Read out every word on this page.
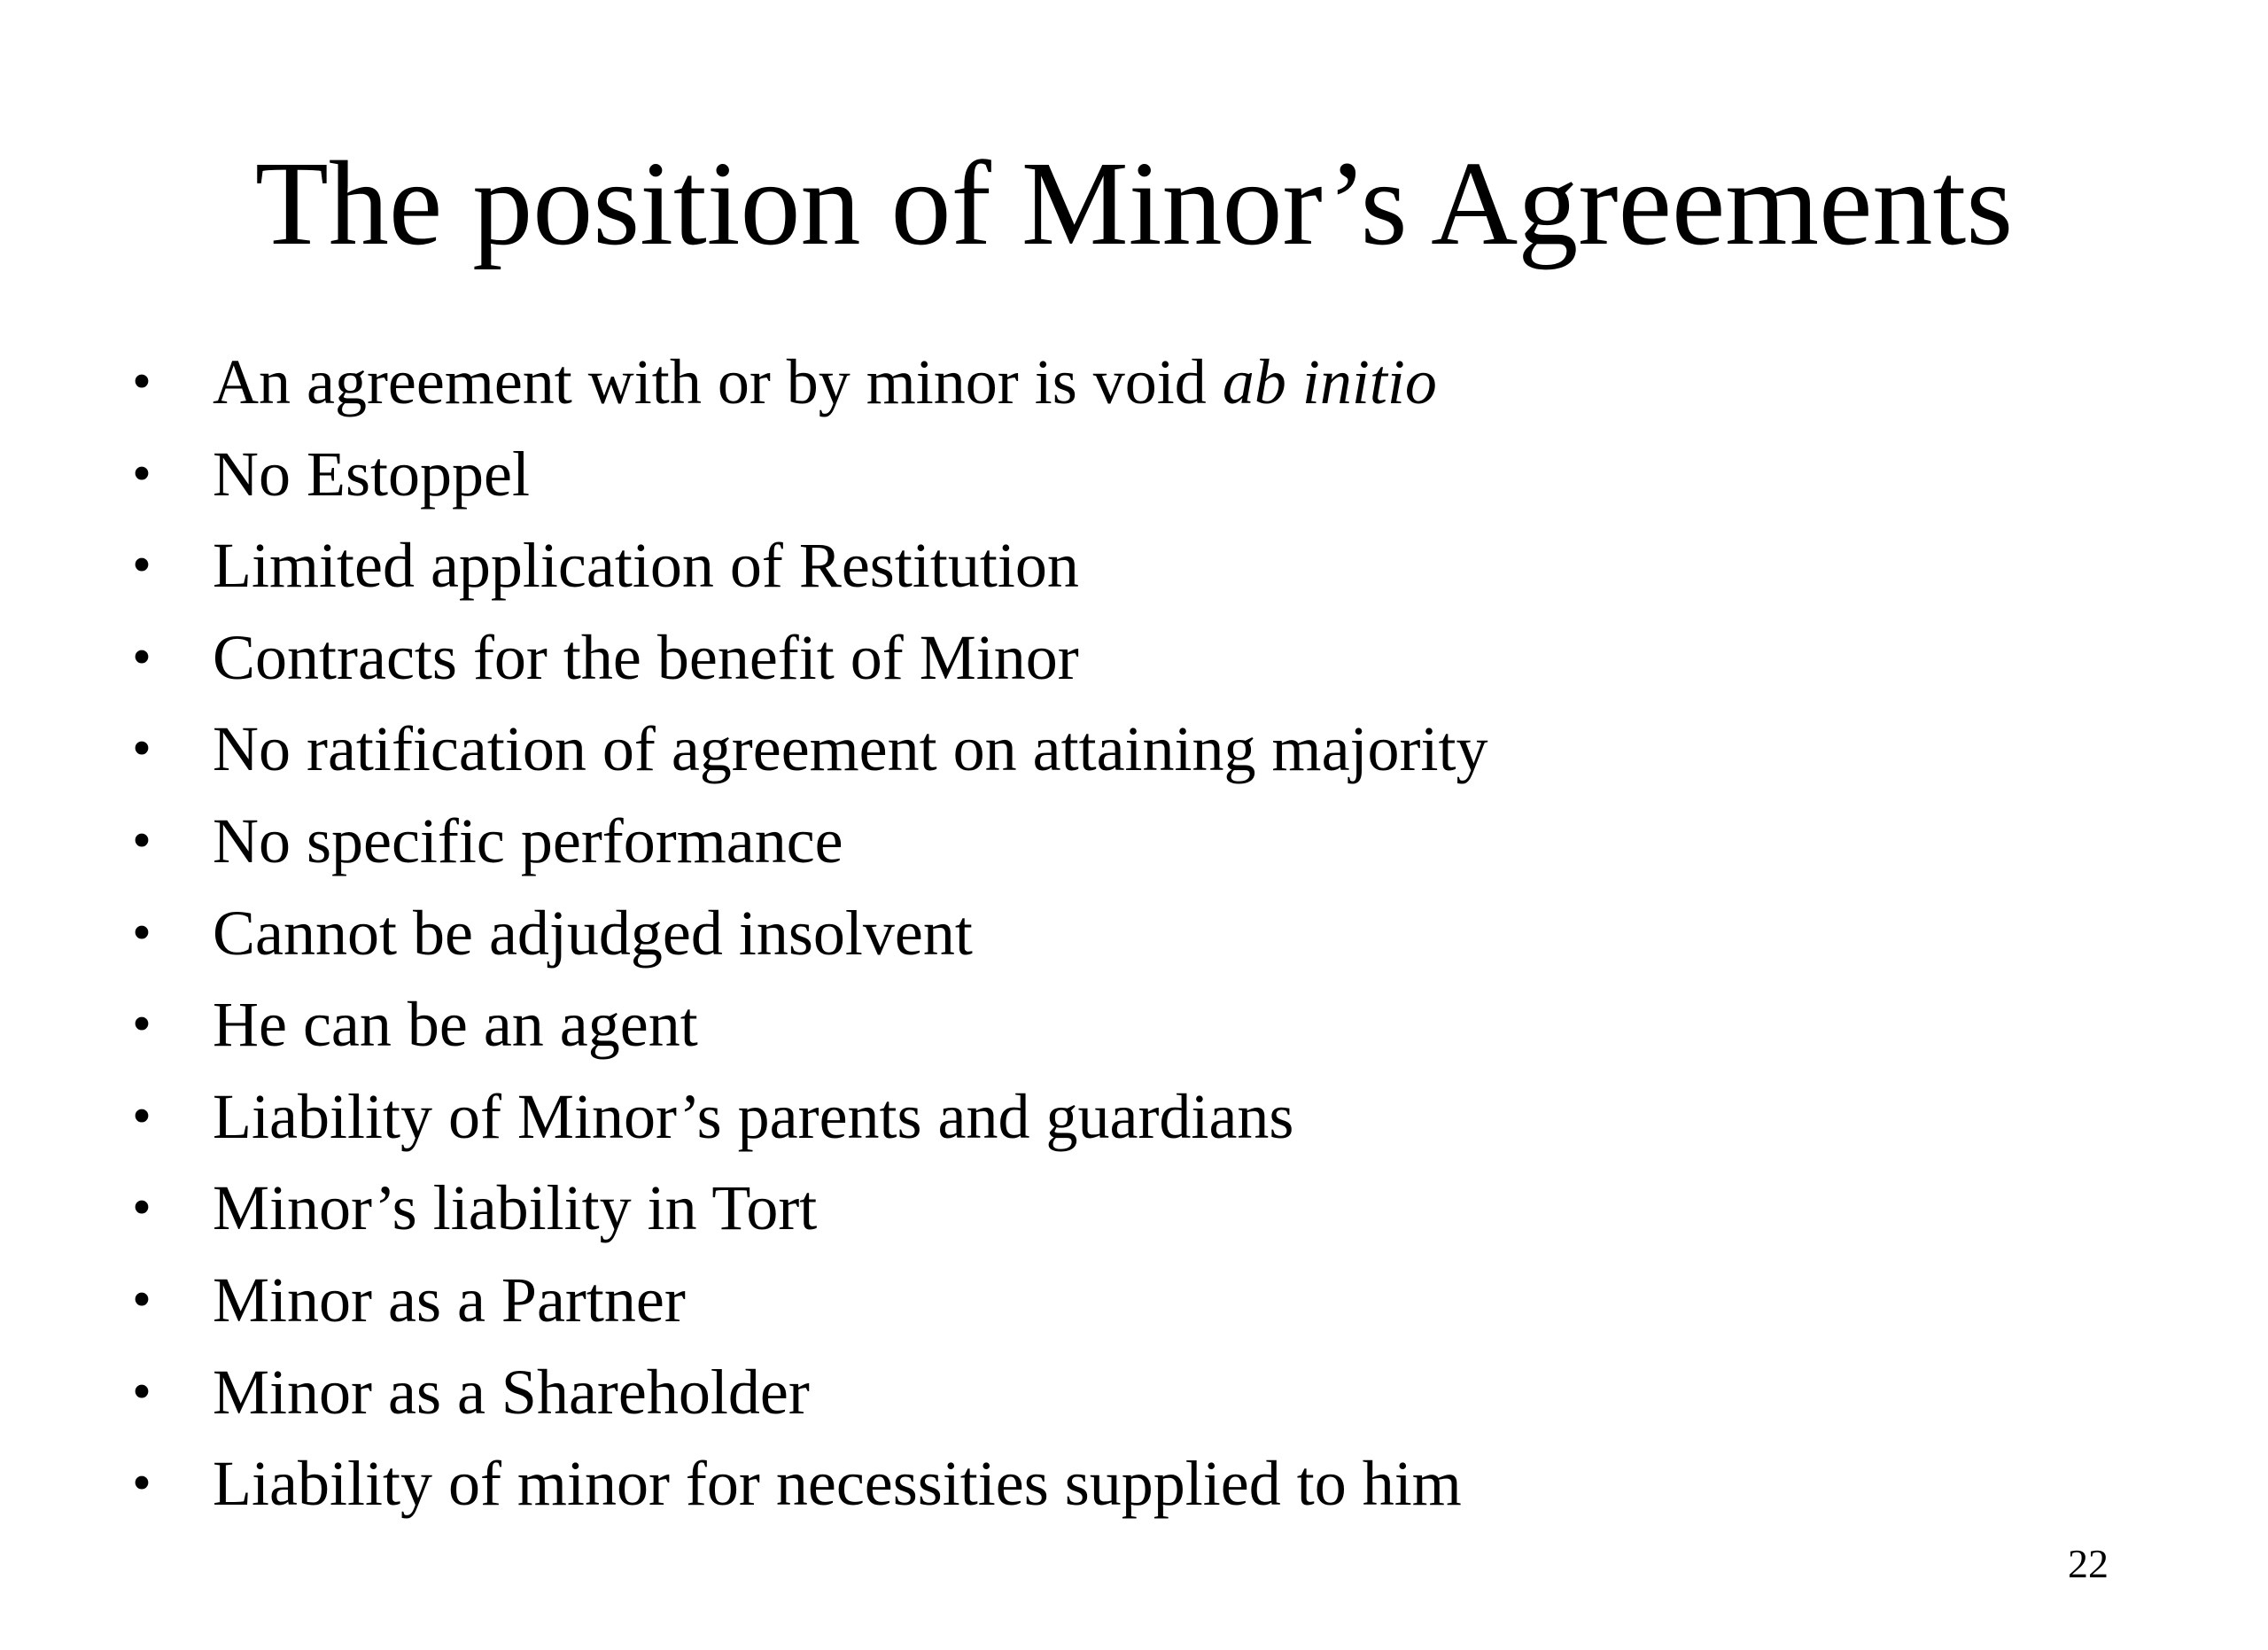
The position of Minor’s Agreements
• An agreement with or by minor is void ab initio
• No Estoppel
• Limited application of Restitution
• Contracts for the benefit of Minor
• No ratification of agreement on attaining majority
• No specific performance
• Cannot be adjudged insolvent
• He can be an agent
• Liability of Minor’s parents and guardians
• Minor’s liability in Tort
• Minor as a Partner
• Minor as a Shareholder
• Liability of minor for necessities supplied to him
22
